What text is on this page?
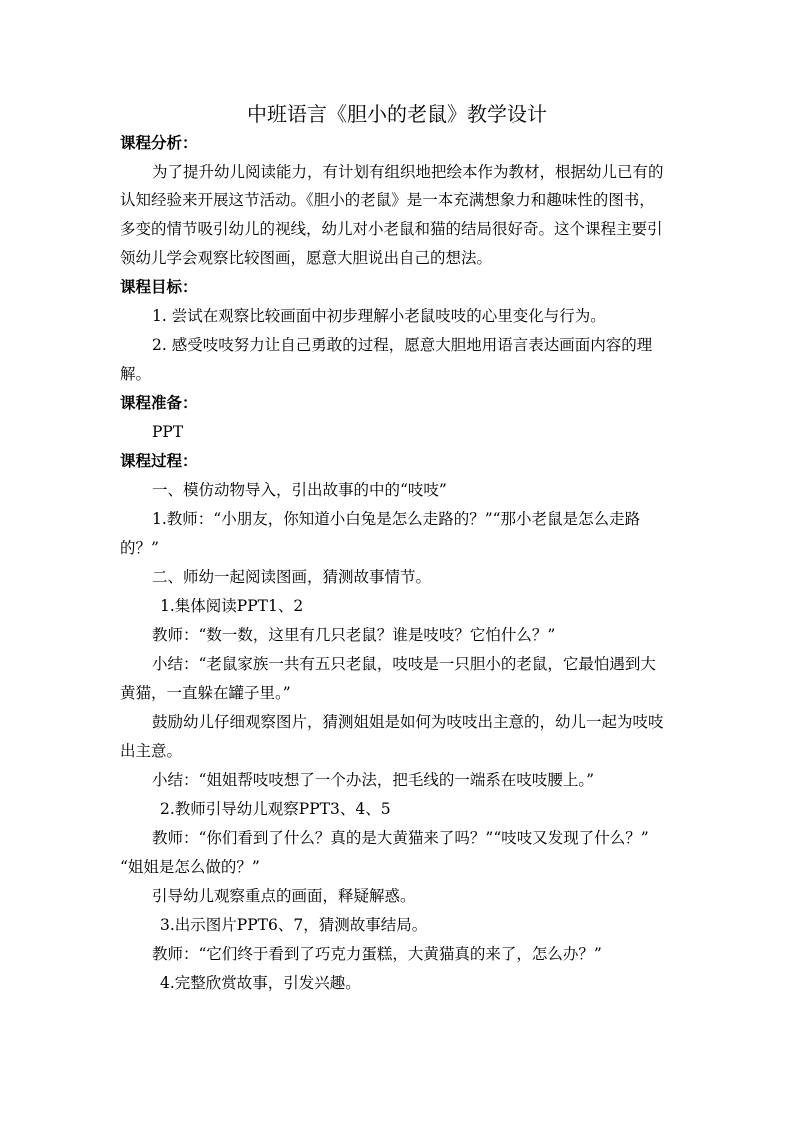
中班语言《胆小的老鼠》教学设计
课程分析：
为了提升幼儿阅读能力，有计划有组织地把绘本作为教材，根据幼儿已有的
认知经验来开展这节活动。《胆小的老鼠》是一本充满想象力和趣味性的图书，
多变的情节吸引幼儿的视线，幼儿对小老鼠和猫的结局很好奇。这个课程主要引
领幼儿学会观察比较图画，愿意大胆说出自己的想法。
课程目标：
1. 尝试在观察比较画面中初步理解小老鼠吱吱的心里变化与行为。
2. 感受吱吱努力让自己勇敢的过程，愿意大胆地用语言表达画面内容的理
解。
课程准备：
PPT
课程过程：
一、模仿动物导入，引出故事的中的“吱吱”
1.教师：“小朋友，你知道小白兔是怎么走路的？”“那小老鼠是怎么走路
的？”
二、师幼一起阅读图画，猜测故事情节。
1.集体阅读PPT1、2
教师：“数一数，这里有几只老鼠？谁是吱吱？它怕什么？”
小结：“老鼠家族一共有五只老鼠，吱吱是一只胆小的老鼠，它最怕遇到大
黄猫，一直躲在罐子里。”
鼓励幼儿仔细观察图片，猜测姐姐是如何为吱吱出主意的，幼儿一起为吱吱
出主意。
小结：“姐姐帮吱吱想了一个办法，把毛线的一端系在吱吱腰上。”
2.教师引导幼儿观察PPT3、4、5
教师：“你们看到了什么？真的是大黄猫来了吗？”“吱吱又发现了什么？”
“姐姐是怎么做的？”
引导幼儿观察重点的画面，释疑解惑。
3.出示图片PPT6、7，猜测故事结局。
教师：“它们终于看到了巧克力蛋糕，大黄猫真的来了，怎么办？”
4.完整欣赏故事，引发兴趣。
